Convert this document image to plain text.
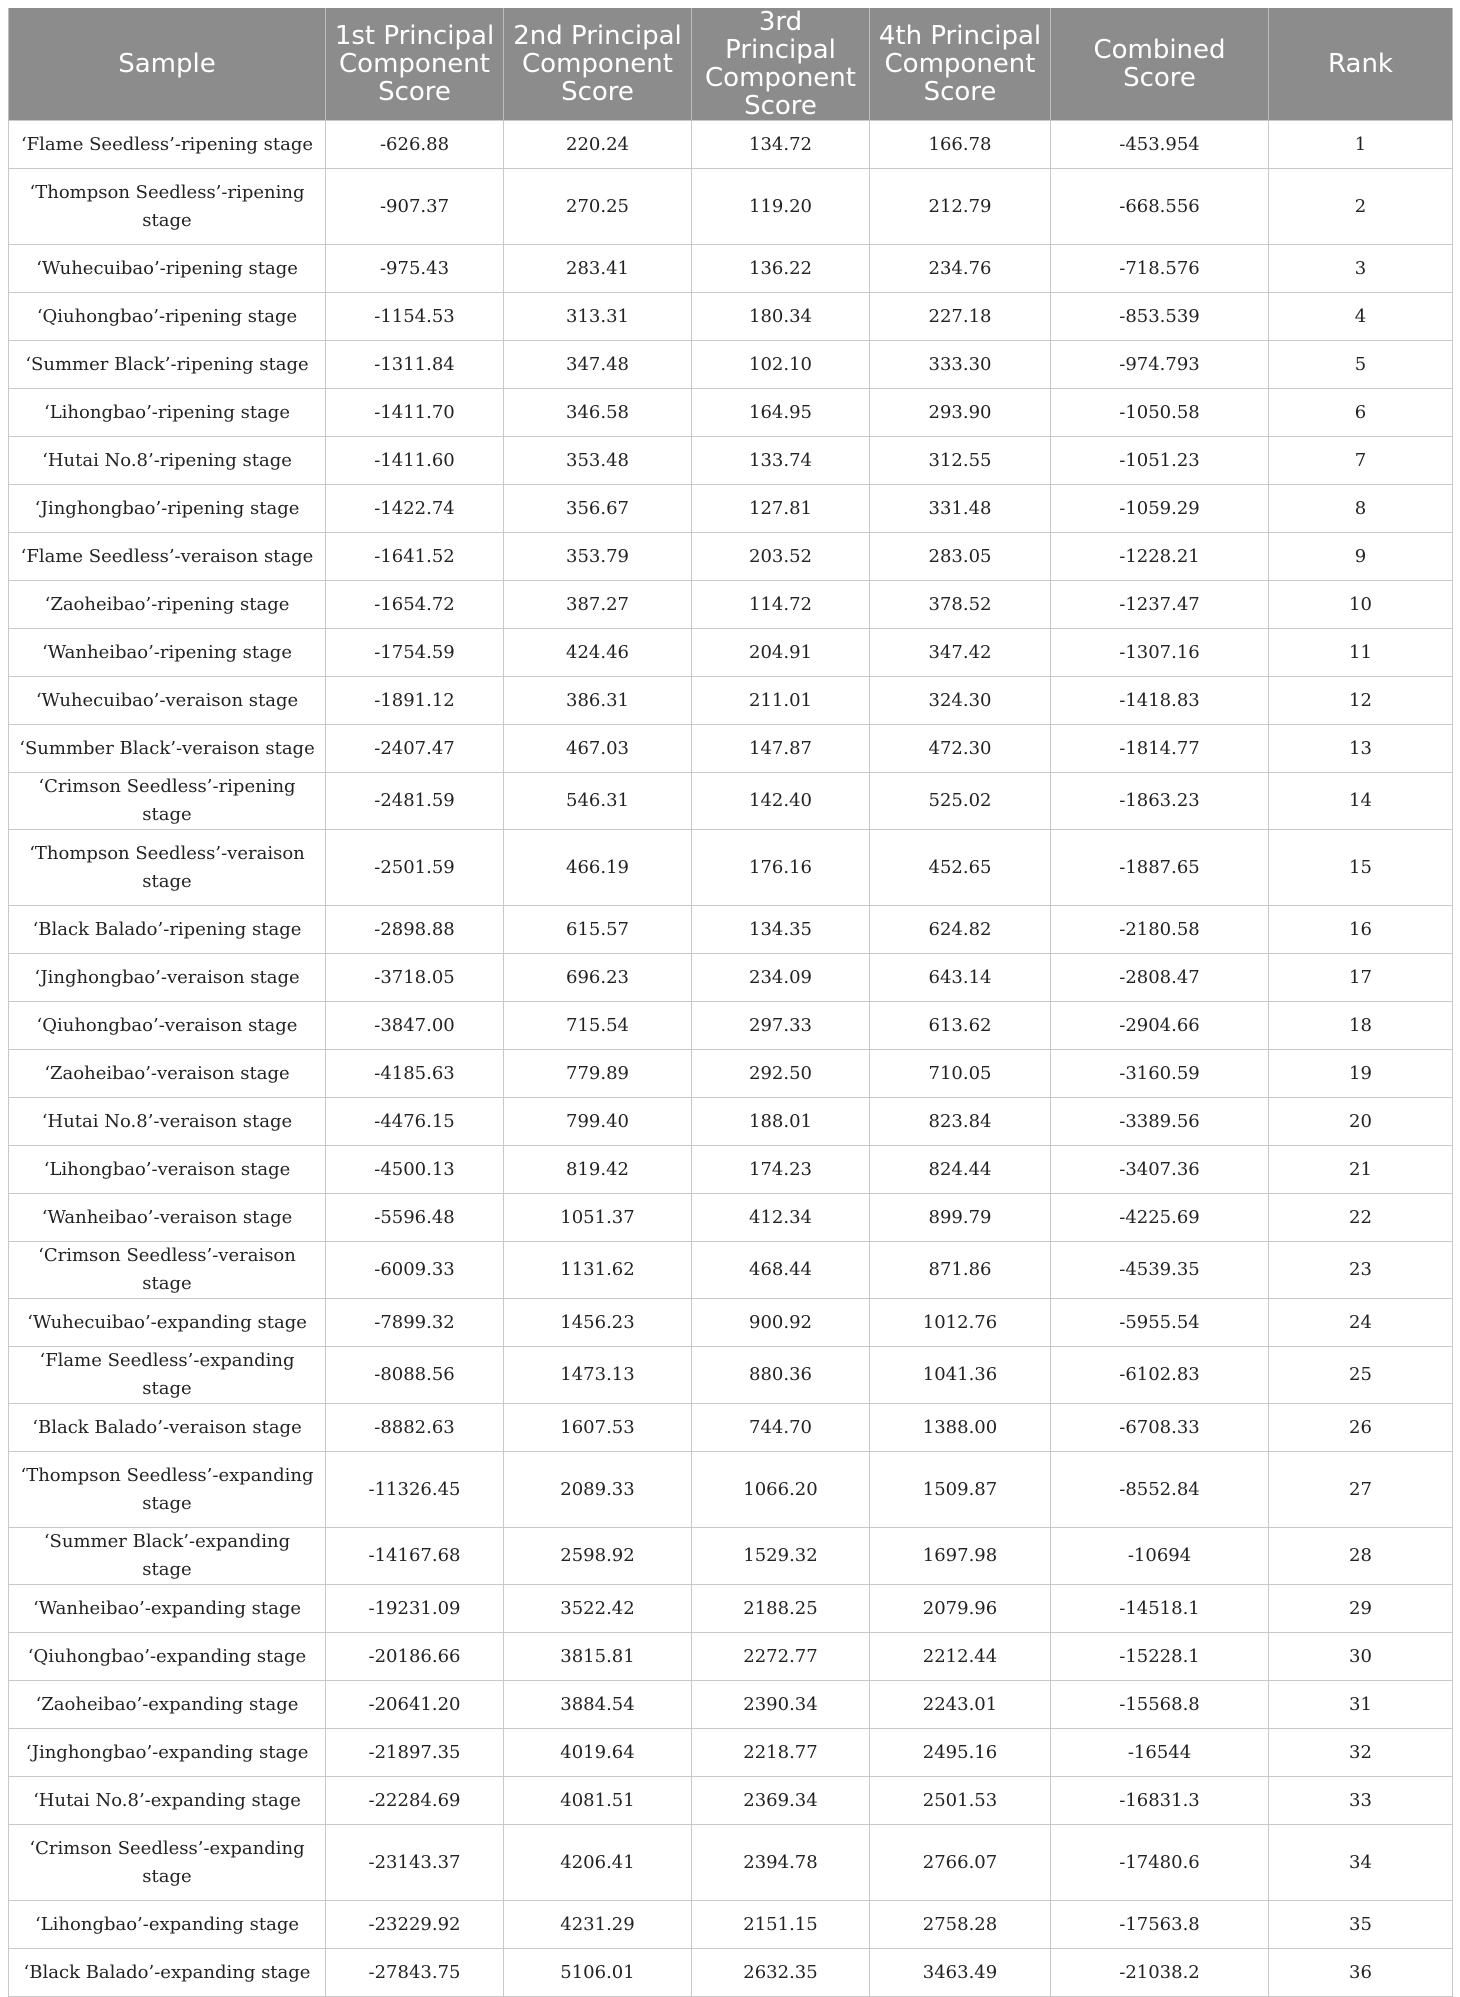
Sample	1st Principal Component Score	2nd Principal Component Score	3rd Principal Component Score	4th Principal Component Score	Combined Score	Rank
‘Flame Seedless’-ripening stage	-626.88	220.24	134.72	166.78	-453.954	1
‘Thompson Seedless’-ripening stage	-907.37	270.25	119.20	212.79	-668.556	2
‘Wuhecuibao’-ripening stage	-975.43	283.41	136.22	234.76	-718.576	3
‘Qiuhongbao’-ripening stage	-1154.53	313.31	180.34	227.18	-853.539	4
‘Summer Black’-ripening stage	-1311.84	347.48	102.10	333.30	-974.793	5
‘Lihongbao’-ripening stage	-1411.70	346.58	164.95	293.90	-1050.58	6
‘Hutai No.8’-ripening stage	-1411.60	353.48	133.74	312.55	-1051.23	7
‘Jinghongbao’-ripening stage	-1422.74	356.67	127.81	331.48	-1059.29	8
‘Flame Seedless’-veraison stage	-1641.52	353.79	203.52	283.05	-1228.21	9
‘Zaoheibao’-ripening stage	-1654.72	387.27	114.72	378.52	-1237.47	10
‘Wanheibao’-ripening stage	-1754.59	424.46	204.91	347.42	-1307.16	11
‘Wuhecuibao’-veraison stage	-1891.12	386.31	211.01	324.30	-1418.83	12
‘Summber Black’-veraison stage	-2407.47	467.03	147.87	472.30	-1814.77	13
‘Crimson Seedless’-ripening stage	-2481.59	546.31	142.40	525.02	-1863.23	14
‘Thompson Seedless’-veraison stage	-2501.59	466.19	176.16	452.65	-1887.65	15
‘Black Balado’-ripening stage	-2898.88	615.57	134.35	624.82	-2180.58	16
‘Jinghongbao’-veraison stage	-3718.05	696.23	234.09	643.14	-2808.47	17
‘Qiuhongbao’-veraison stage	-3847.00	715.54	297.33	613.62	-2904.66	18
‘Zaoheibao’-veraison stage	-4185.63	779.89	292.50	710.05	-3160.59	19
‘Hutai No.8’-veraison stage	-4476.15	799.40	188.01	823.84	-3389.56	20
‘Lihongbao’-veraison stage	-4500.13	819.42	174.23	824.44	-3407.36	21
‘Wanheibao’-veraison stage	-5596.48	1051.37	412.34	899.79	-4225.69	22
‘Crimson Seedless’-veraison stage	-6009.33	1131.62	468.44	871.86	-4539.35	23
‘Wuhecuibao’-expanding stage	-7899.32	1456.23	900.92	1012.76	-5955.54	24
‘Flame Seedless’-expanding stage	-8088.56	1473.13	880.36	1041.36	-6102.83	25
‘Black Balado’-veraison stage	-8882.63	1607.53	744.70	1388.00	-6708.33	26
‘Thompson Seedless’-expanding stage	-11326.45	2089.33	1066.20	1509.87	-8552.84	27
‘Summer Black’-expanding stage	-14167.68	2598.92	1529.32	1697.98	-10694	28
‘Wanheibao’-expanding stage	-19231.09	3522.42	2188.25	2079.96	-14518.1	29
‘Qiuhongbao’-expanding stage	-20186.66	3815.81	2272.77	2212.44	-15228.1	30
‘Zaoheibao’-expanding stage	-20641.20	3884.54	2390.34	2243.01	-15568.8	31
‘Jinghongbao’-expanding stage	-21897.35	4019.64	2218.77	2495.16	-16544	32
‘Hutai No.8’-expanding stage	-22284.69	4081.51	2369.34	2501.53	-16831.3	33
‘Crimson Seedless’-expanding stage	-23143.37	4206.41	2394.78	2766.07	-17480.6	34
‘Lihongbao’-expanding stage	-23229.92	4231.29	2151.15	2758.28	-17563.8	35
‘Black Balado’-expanding stage	-27843.75	5106.01	2632.35	3463.49	-21038.2	36
